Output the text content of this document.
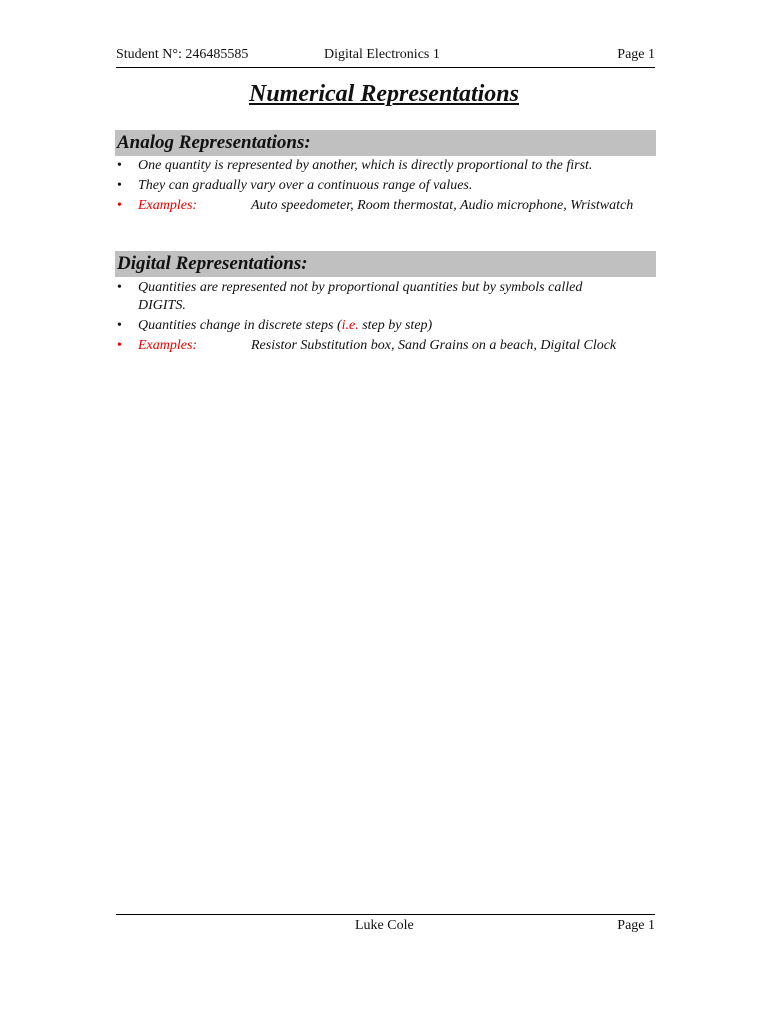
Student N°: 246485585	Digital Electronics 1	Page 1
Numerical Representations
Analog Representations:
• One quantity is represented by another, which is directly proportional to the first.
• They can gradually vary over a continuous range of values.
• Examples:	Auto speedometer, Room thermostat, Audio microphone, Wristwatch
Digital Representations:
• Quantities are represented not by proportional quantities but by symbols called DIGITS.
• Quantities change in discrete steps (i.e. step by step)
• Examples:	Resistor Substitution box, Sand Grains on a beach, Digital Clock
Luke Cole	Page 1
